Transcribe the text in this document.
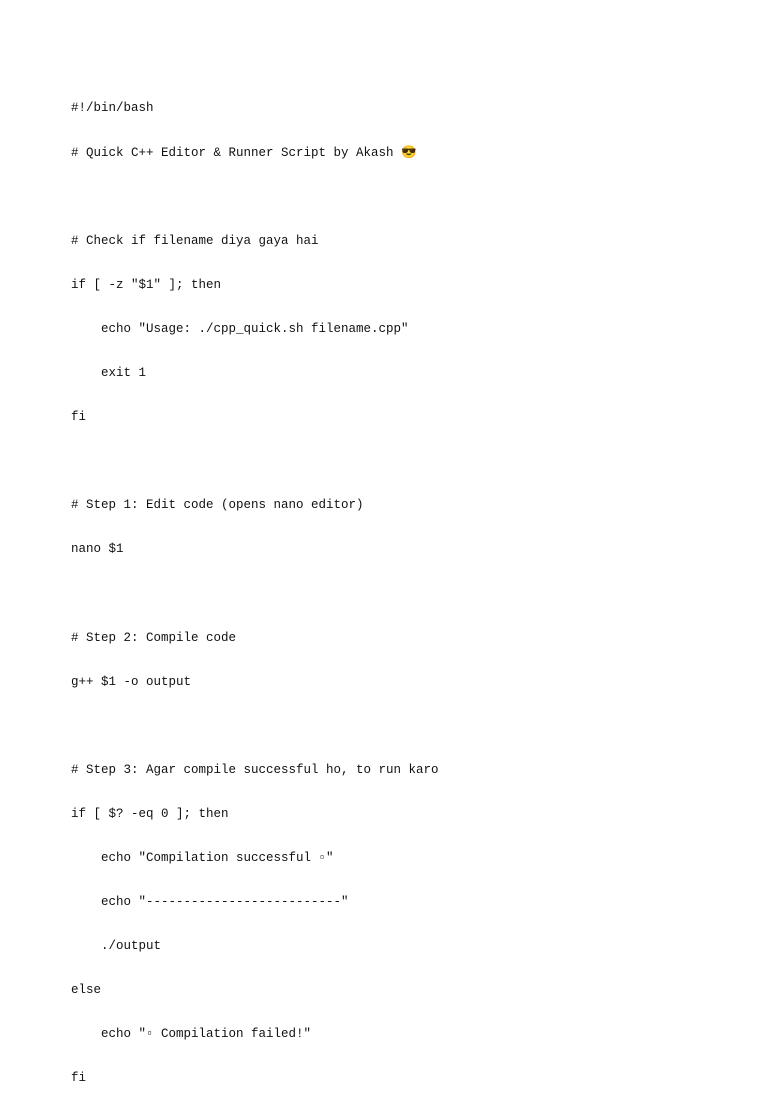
#!/bin/bash

# Quick C++ Editor & Runner Script by Akash 😎

# Check if filename diya gaya hai

if [ -z "$1" ]; then

echo "Usage: ./cpp_quick.sh filename.cpp"

exit 1

fi

# Step 1: Edit code (opens nano editor)

nano $1

# Step 2: Compile code

g++ $1 -o output

# Step 3: Agar compile successful ho, to run karo

if [ $? -eq 0 ]; then

echo "Compilation successful ▫"

echo "--------------------------"

./output

else

echo "▫ Compilation failed!"

fi
